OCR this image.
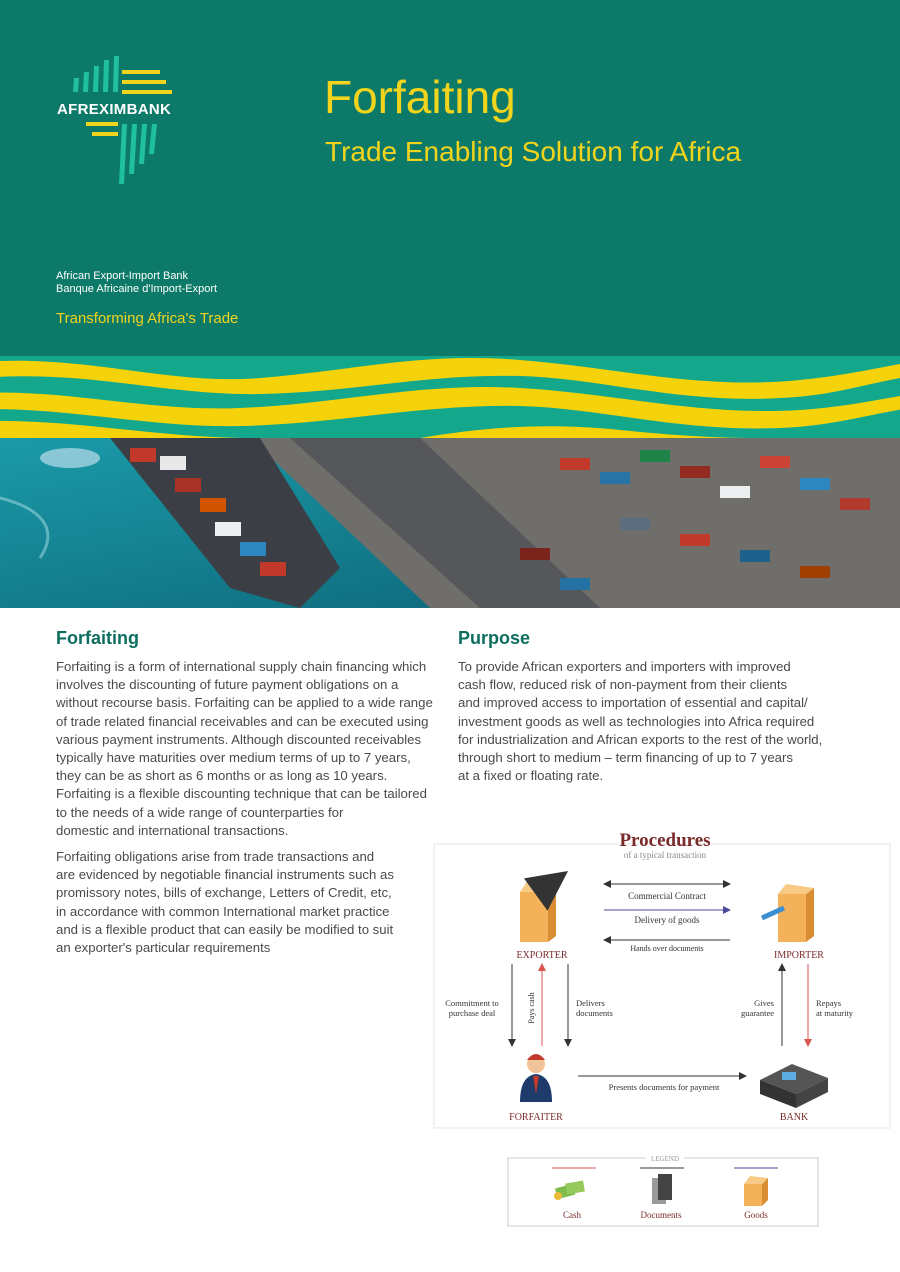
AFREXIMBANK	Forfaiting
Trade Enabling Solution for Africa
African Export-Import Bank
Banque Africaine d'Import-Export
Transforming Africa's Trade
Forfaiting
Forfaiting is a form of international supply chain financing which
involves the discounting of future payment obligations on a
without recourse basis. Forfaiting can be applied to a wide range
of trade related financial receivables and can be executed using
various payment instruments. Although discounted receivables
typically have maturities over medium terms of up to 7 years,
they can be as short as 6 months or as long as 10 years.
Forfaiting is a flexible discounting technique that can be tailored
to the needs of a wide range of counterparties for
domestic and international transactions.
Forfaiting obligations arise from trade transactions and
are evidenced by negotiable financial instruments such as
promissory notes, bills of exchange, Letters of Credit, etc,
in accordance with common International market practice
and is a flexible product that can easily be modified to suit
an exporter's particular requirements
Purpose
To provide African exporters and importers with improved
cash flow, reduced risk of non-payment from their clients
and improved access to importation of essential and capital/
investment goods as well as technologies into Africa required
for industrialization and African exports to the rest of the world,
through short to medium – term financing of up to 7 years
at a fixed or floating rate.
Procedures
of a typical transaction
EXPORTER	IMPORTER
Commercial Contract
Delivery of goods
Hands over documents
Commitment to
purchase deal	Pays cash	Delivers
documents
Gives
guarantee
Repays
at maturity
FORFAITER	BANK
Presents documents for payment
LEGEND
Cash	Documents	Goods
